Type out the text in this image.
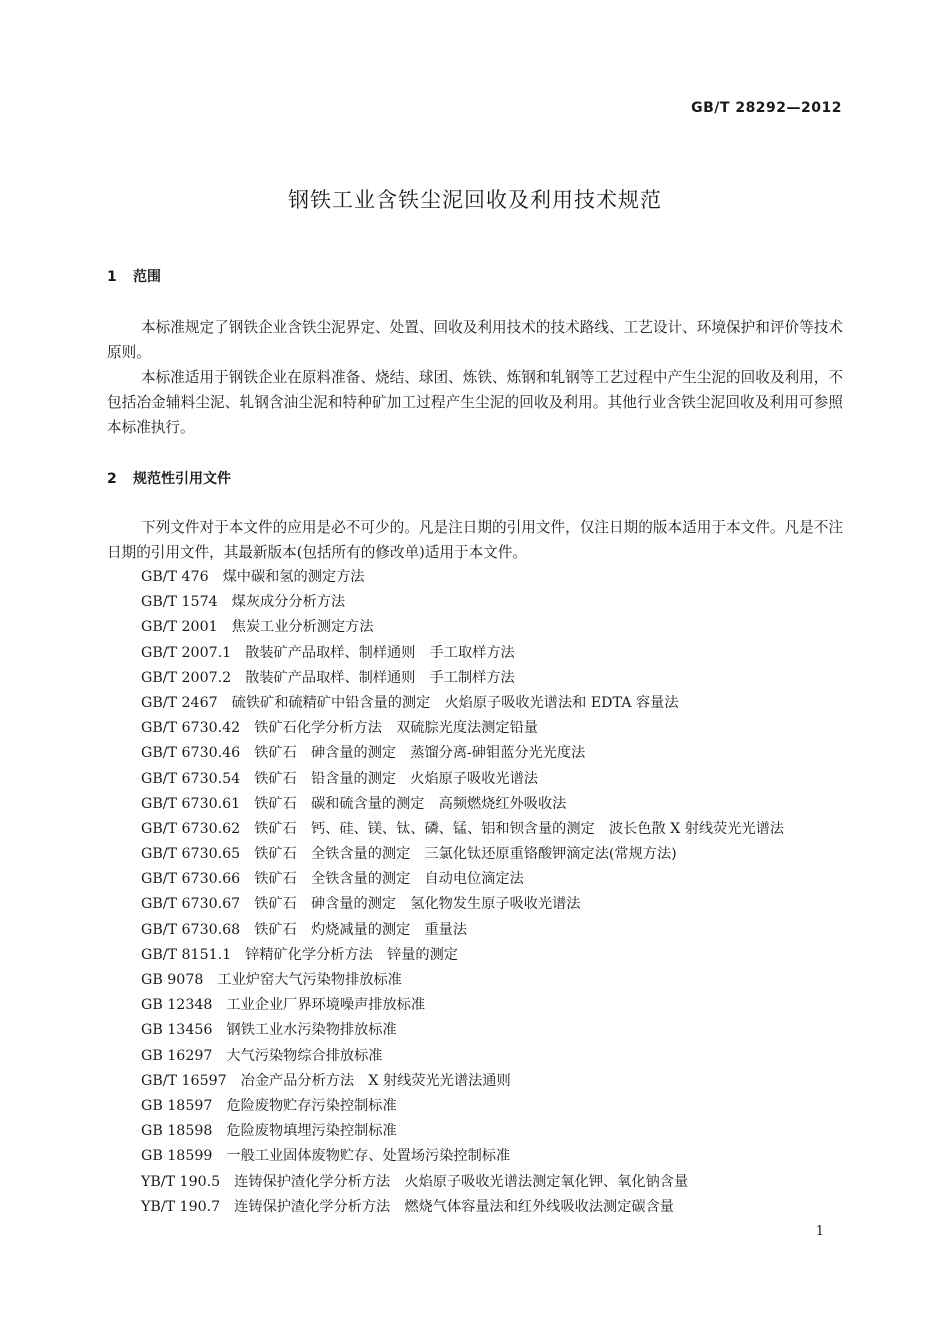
GB/T 28292—2012
钢铁工业含铁尘泥回收及利用技术规范
1 范围
本标准规定了钢铁企业含铁尘泥界定、处置、回收及利用技术的技术路线、工艺设计、环境保护和评价等技术原则。
本标准适用于钢铁企业在原料准备、烧结、球团、炼铁、炼钢和轧钢等工艺过程中产生尘泥的回收及利用，不包括冶金辅料尘泥、轧钢含油尘泥和特种矿加工过程产生尘泥的回收及利用。其他行业含铁尘泥回收及利用可参照本标准执行。
2 规范性引用文件
下列文件对于本文件的应用是必不可少的。凡是注日期的引用文件，仅注日期的版本适用于本文件。凡是不注日期的引用文件，其最新版本(包括所有的修改单)适用于本文件。
GB/T 476 煤中碳和氢的测定方法
GB/T 1574 煤灰成分分析方法
GB/T 2001 焦炭工业分析测定方法
GB/T 2007.1 散装矿产品取样、制样通则　手工取样方法
GB/T 2007.2 散装矿产品取样、制样通则　手工制样方法
GB/T 2467 硫铁矿和硫精矿中铅含量的测定　火焰原子吸收光谱法和 EDTA 容量法
GB/T 6730.42 铁矿石化学分析方法　双硫腙光度法测定铅量
GB/T 6730.46 铁矿石　砷含量的测定　蒸馏分离-砷钼蓝分光光度法
GB/T 6730.54 铁矿石　铅含量的测定　火焰原子吸收光谱法
GB/T 6730.61 铁矿石　碳和硫含量的测定　高频燃烧红外吸收法
GB/T 6730.62 铁矿石　钙、硅、镁、钛、磷、锰、铝和钡含量的测定　波长色散 X 射线荧光光谱法
GB/T 6730.65 铁矿石　全铁含量的测定　三氯化钛还原重铬酸钾滴定法(常规方法)
GB/T 6730.66 铁矿石　全铁含量的测定　自动电位滴定法
GB/T 6730.67 铁矿石　砷含量的测定　氢化物发生原子吸收光谱法
GB/T 6730.68 铁矿石　灼烧减量的测定　重量法
GB/T 8151.1 锌精矿化学分析方法　锌量的测定
GB 9078 工业炉窑大气污染物排放标准
GB 12348 工业企业厂界环境噪声排放标准
GB 13456 钢铁工业水污染物排放标准
GB 16297 大气污染物综合排放标准
GB/T 16597 冶金产品分析方法　X 射线荧光光谱法通则
GB 18597 危险废物贮存污染控制标准
GB 18598 危险废物填埋污染控制标准
GB 18599 一般工业固体废物贮存、处置场污染控制标准
YB/T 190.5 连铸保护渣化学分析方法　火焰原子吸收光谱法测定氧化钾、氧化钠含量
YB/T 190.7 连铸保护渣化学分析方法　燃烧气体容量法和红外线吸收法测定碳含量
1
